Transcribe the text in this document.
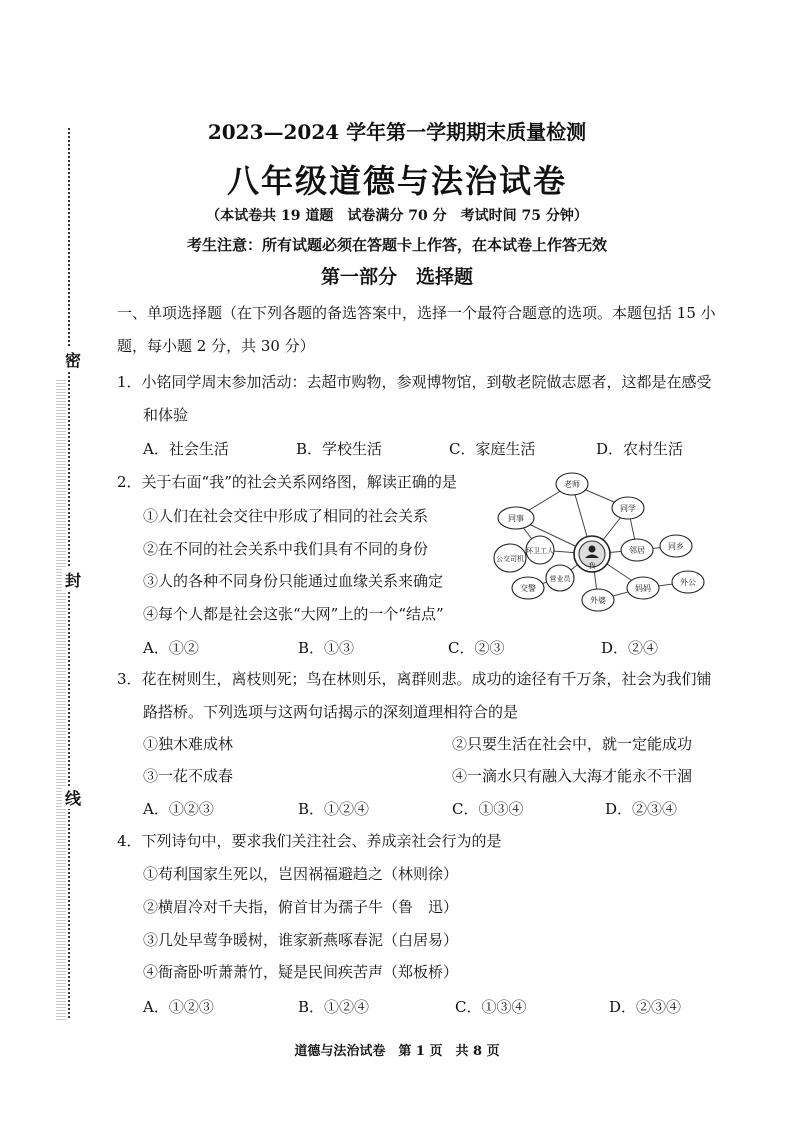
密
封
线
2023—2024 学年第一学期期末质量检测
八年级道德与法治试卷
（本试卷共 19 道题　试卷满分 70 分　考试时间 75 分钟）
考生注意：所有试题必须在答题卡上作答，在本试卷上作答无效
第一部分　选择题
一、单项选择题（在下列各题的备选答案中，选择一个最符合题意的选项。本题包括 15 小
题，每小题 2 分，共 30 分）
1．小铭同学周末参加活动：去超市购物，参观博物馆，到敬老院做志愿者，这都是在感受
和体验
A．社会生活	B．学校生活	C．家庭生活	D．农村生活
2．关于右面“我”的社会关系网络图，解读正确的是
①人们在社会交往中形成了相同的社会关系
②在不同的社会关系中我们具有不同的身份
③人的各种不同身份只能通过血缘关系来确定
④每个人都是社会这张“大网”上的一个“结点”
A．①②	B．①③	C．②③	D．②④
我
老师
同学
同事
环卫工人	邻居	同乡
公交司机
营业员
交警
外婆
妈妈
外公
3．花在树则生，离枝则死；鸟在林则乐，离群则悲。成功的途径有千万条，社会为我们铺
路搭桥。下列选项与这两句话揭示的深刻道理相符合的是
①独木难成林	②只要生活在社会中，就一定能成功
③一花不成春	④一滴水只有融入大海才能永不干涸
A．①②③	B．①②④	C．①③④	D．②③④
4．下列诗句中，要求我们关注社会、养成亲社会行为的是
①苟利国家生死以，岂因祸福避趋之（林则徐）
②横眉冷对千夫指，俯首甘为孺子牛（鲁　迅）
③几处早莺争暖树，谁家新燕啄春泥（白居易）
④衙斋卧听萧萧竹，疑是民间疾苦声（郑板桥）
A．①②③	B．①②④	C．①③④	D．②③④
道德与法治试卷　第 1 页　共 8 页
